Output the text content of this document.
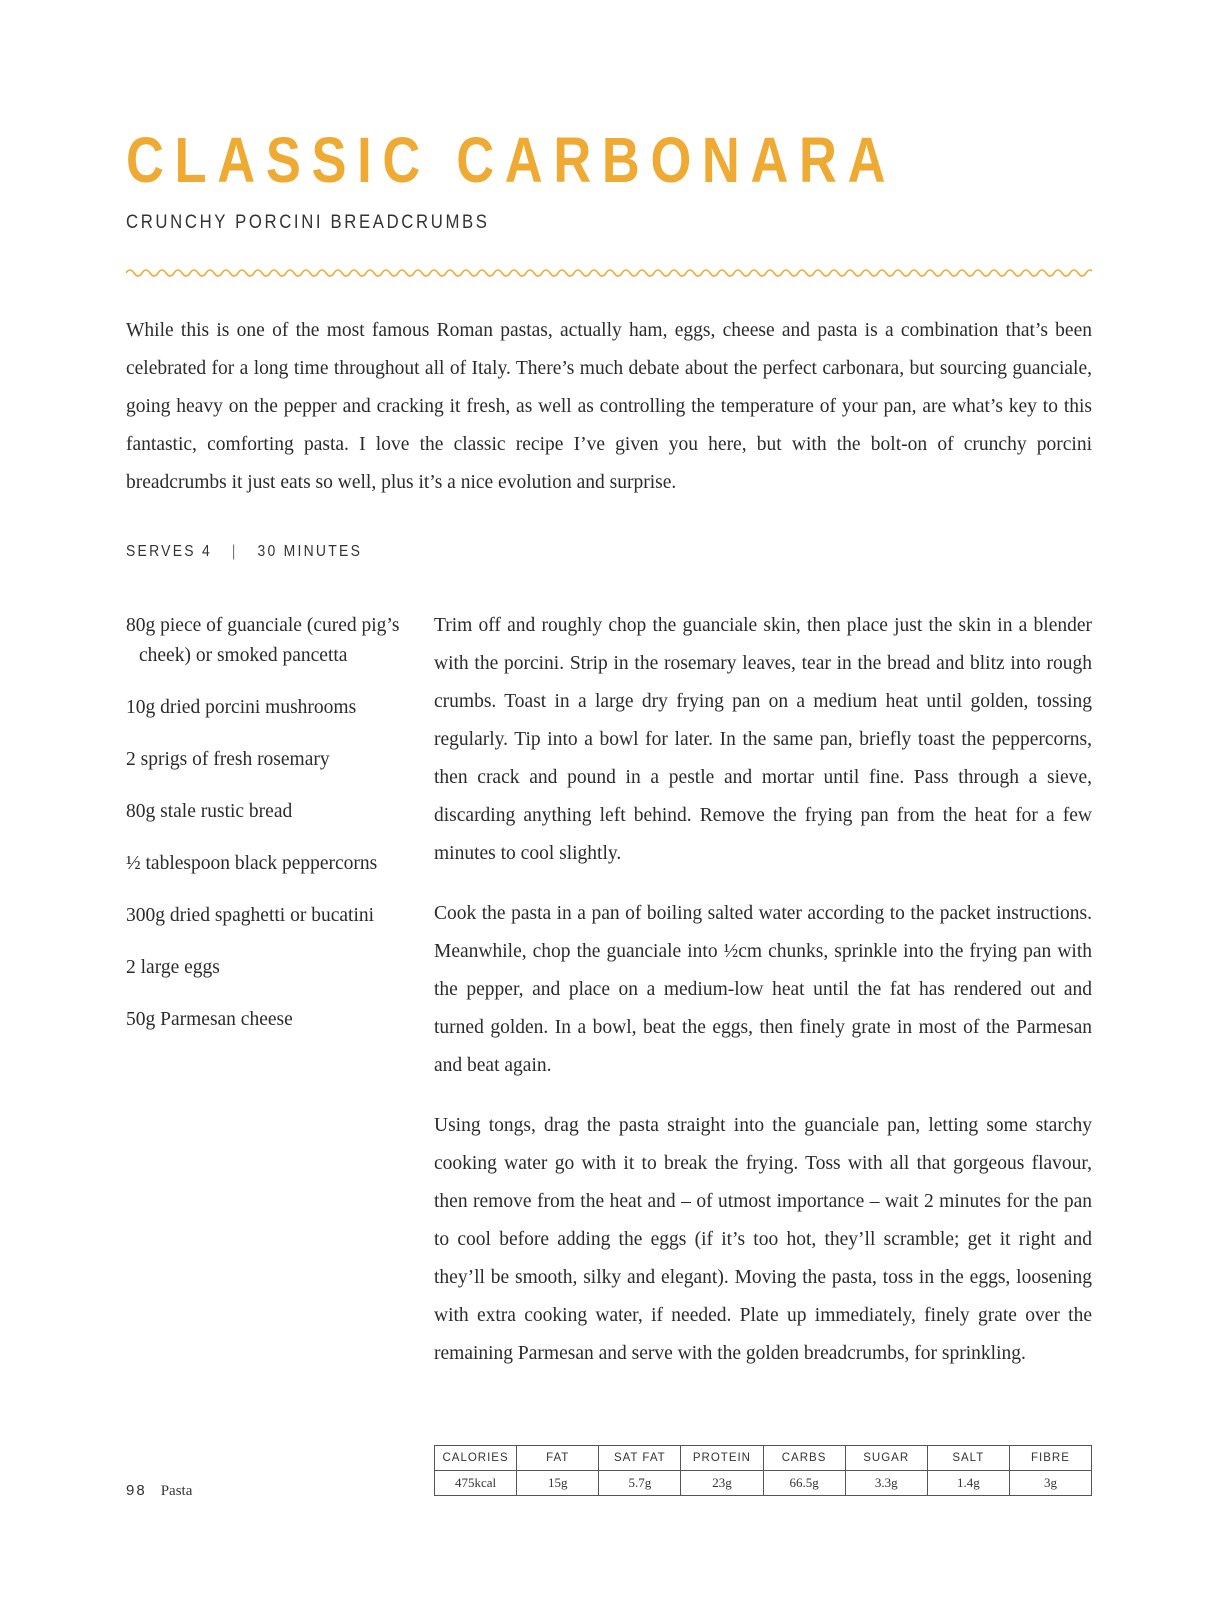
CLASSIC CARBONARA
CRUNCHY PORCINI BREADCRUMBS

While this is one of the most famous Roman pastas, actually ham, eggs, cheese and pasta is a combination that’s been celebrated for a long time throughout all of Italy. There’s much debate about the perfect carbonara, but sourcing guanciale, going heavy on the pepper and cracking it fresh, as well as controlling the temperature of your pan, are what’s key to this fantastic, comforting pasta. I love the classic recipe I’ve given you here, but with the bolt-on of crunchy porcini breadcrumbs it just eats so well, plus it’s a nice evolution and surprise.

SERVES 4 | 30 MINUTES
80g piece of guanciale (cured pig’s cheek) or smoked pancetta
10g dried porcini mushrooms
2 sprigs of fresh rosemary
80g stale rustic bread
½ tablespoon black peppercorns
300g dried spaghetti or bucatini
2 large eggs
50g Parmesan cheese

Trim off and roughly chop the guanciale skin, then place just the skin in a blender with the porcini. Strip in the rosemary leaves, tear in the bread and blitz into rough crumbs. Toast in a large dry frying pan on a medium heat until golden, tossing regularly. Tip into a bowl for later. In the same pan, briefly toast the peppercorns, then crack and pound in a pestle and mortar until fine. Pass through a sieve, discarding anything left behind. Remove the frying pan from the heat for a few minutes to cool slightly.

Cook the pasta in a pan of boiling salted water according to the packet instructions. Meanwhile, chop the guanciale into ½cm chunks, sprinkle into the frying pan with the pepper, and place on a medium-low heat until the fat has rendered out and turned golden. In a bowl, beat the eggs, then finely grate in most of the Parmesan and beat again.

Using tongs, drag the pasta straight into the guanciale pan, letting some starchy cooking water go with it to break the frying. Toss with all that gorgeous flavour, then remove from the heat and – of utmost importance – wait 2 minutes for the pan to cool before adding the eggs (if it’s too hot, they’ll scramble; get it right and they’ll be smooth, silky and elegant). Moving the pasta, toss in the eggs, loosening with extra cooking water, if needed. Plate up immediately, finely grate over the remaining Parmesan and serve with the golden breadcrumbs, for sprinkling.

CALORIES	FAT	SAT FAT	PROTEIN	CARBS	SUGAR	SALT	FIBRE
475kcal	15g	5.7g	23g	66.5g	3.3g	1.4g	3g
98 Pasta
